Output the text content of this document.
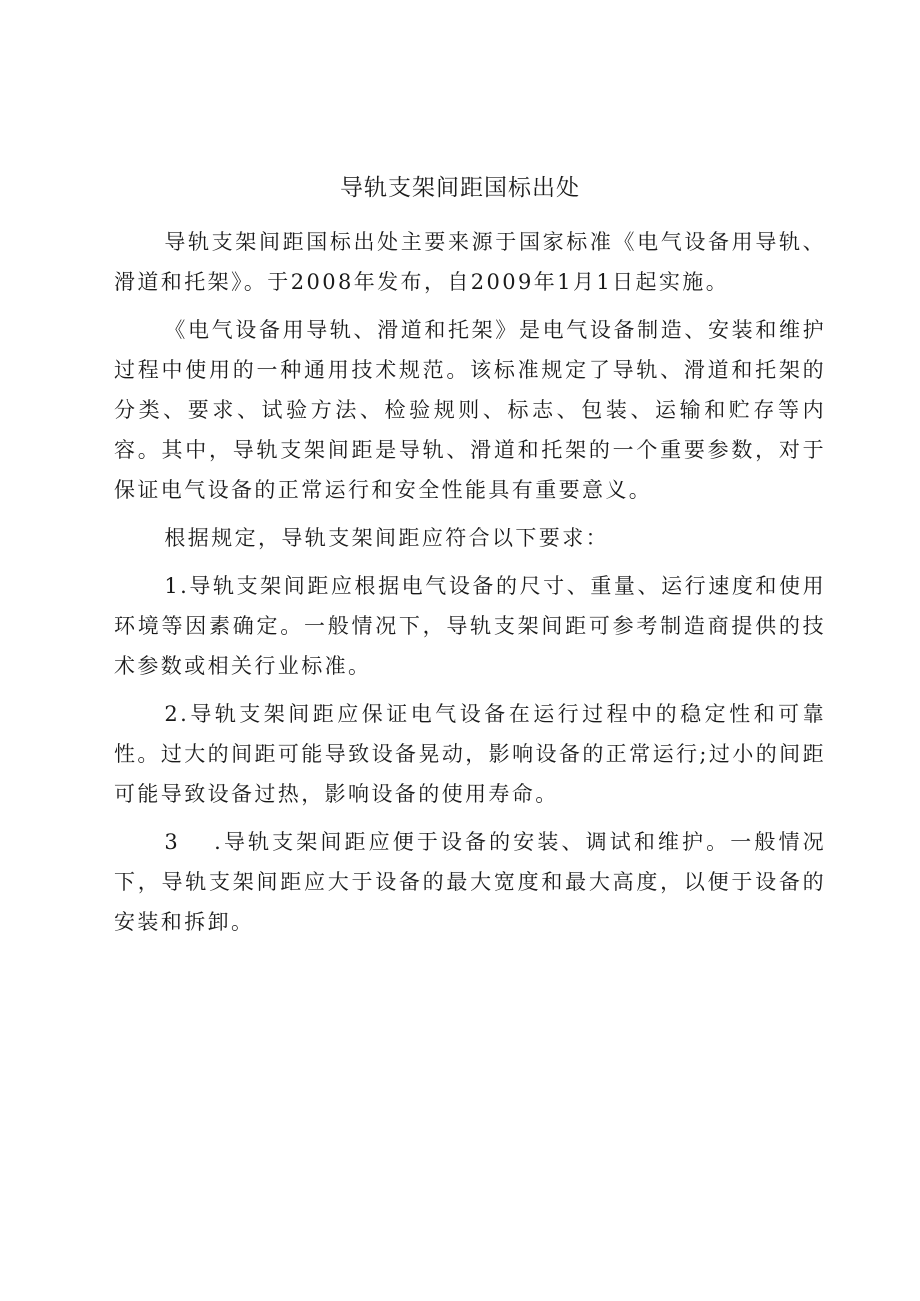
导轨支架间距国标出处

导轨支架间距国标出处主要来源于国家标准《电气设备用导轨、滑道和托架》。于2008年发布，自2009年1月1日起实施。

《电气设备用导轨、滑道和托架》是电气设备制造、安装和维护过程中使用的一种通用技术规范。该标准规定了导轨、滑道和托架的分类、要求、试验方法、检验规则、标志、包装、运输和贮存等内容。其中，导轨支架间距是导轨、滑道和托架的一个重要参数，对于保证电气设备的正常运行和安全性能具有重要意义。

根据规定，导轨支架间距应符合以下要求：

1.导轨支架间距应根据电气设备的尺寸、重量、运行速度和使用环境等因素确定。一般情况下，导轨支架间距可参考制造商提供的技术参数或相关行业标准。

2.导轨支架间距应保证电气设备在运行过程中的稳定性和可靠性。过大的间距可能导致设备晃动，影响设备的正常运行;过小的间距可能导致设备过热，影响设备的使用寿命。

3 .导轨支架间距应便于设备的安装、调试和维护。一般情况下，导轨支架间距应大于设备的最大宽度和最大高度，以便于设备的安装和拆卸。
